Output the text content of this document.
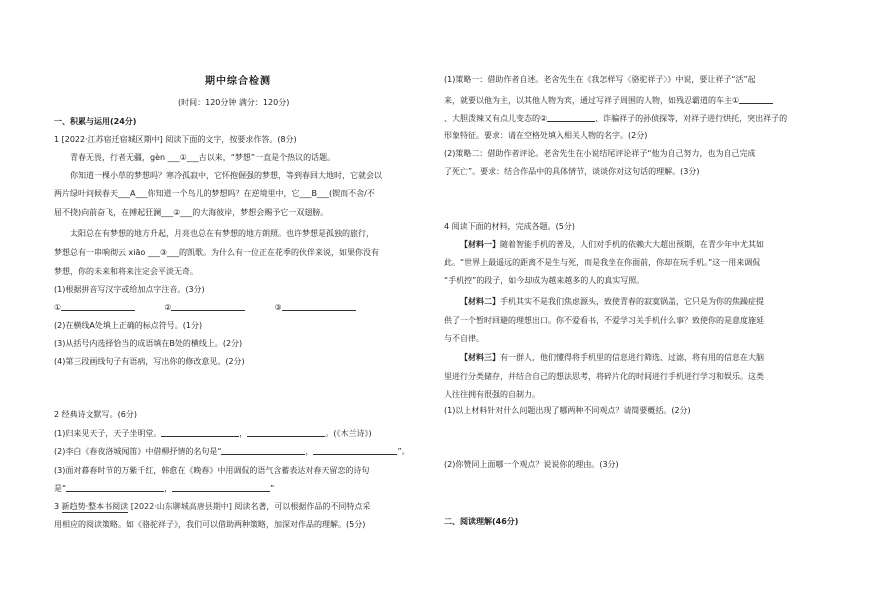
期中综合检测
(时间：120分钟 满分：120分)
一、积累与运用(24分)
1 [2022·江苏宿迁宿城区期中] 阅读下面的文字，按要求作答。(8分)
青春无畏，行者无疆，gèn ___①___古以来，“梦想”一直是个热议的话题。
你知道一棵小草的梦想吗？寒冷孤寂中，它怀抱倔强的梦想，等到春回大地时，它就会以
两片绿叶问候春天___A___你知道一个鸟儿的梦想吗？在逆境里中，它___B___(锲而不舍/不
屈不挠)向前奋飞，在搏起狂澜___②___的大海彼岸，梦想会赐予它一双翅膀。
太阳总在有梦想的地方升起，月亮也总在有梦想的地方朗照。也许梦想是孤独的旅行，
梦想总有一串响彻云 xiāo ___③___的凯歌。为什么有一位正在花季的伙伴来说，如果你没有
梦想，你的未来和将来注定会平淡无奇。
(1)根据拼音写汉字或给加点字注音。(3分)
①	②	③
(2)在横线A处填上正确的标点符号。(1分)
(3)从括号内选择恰当的成语填在B处的横线上。(2分)
(4)第三段画线句子有语病，写出你的修改意见。(2分)
2 经典诗文默写。(6分)
(1)归来见天子，天子坐明堂。	，	。(《木兰诗》)
(2)李白《春夜洛城闻笛》中借柳抒情的名句是“	，	”。
(3)面对暮春时节的万紫千红，韩愈在《晚春》中用调侃的语气含蓄表达对春天留恋的诗句
是“	，	”
3 新趋势·整本书阅读 [2022·山东聊城高唐县期中] 阅读名著，可以根据作品的不同特点采
用相应的阅读策略。如《骆驼祥子》，我们可以借助两种策略，加深对作品的理解。(5分)
(1)策略一：借助作者自述。老舍先生在《我怎样写〈骆驼祥子〉》中说，要让祥子“活”起
来，就要以他为主，以其他人物为宾，通过写祥子周围的人物，如残忍霸道的车主①
、大胆泼辣又有点儿变态的②	、诈骗祥子的孙侦探等，对祥子进行烘托，突出祥子的
形象特征。要求：请在空格处填入相关人物的名字。(2分)
(2)策略二：借助作者评论。老舍先生在小说结尾评论祥子“他为自己努力，也为自己完成
了死亡”。要求：结合作品中的具体情节，谈谈你对这句话的理解。(3分)
4 阅读下面的材料，完成各题。(5分)
【材料一】随着智能手机的普及，人们对手机的依赖大大超出预期，在青少年中尤其如
此。“世界上最遥远的距离不是生与死，而是我坐在你面前，你却在玩手机。”这一用来调侃
“手机控”的段子，如今却成为越来越多的人的真实写照。
【材料二】手机其实不是我们焦虑源头，致使青春的寂寞锅盖，它只是为你的焦躁症提
供了一个暂时回避的理想出口。你不爱看书，不爱学习关手机什么事？致使你的是意度施延
与不自律。
【材料三】有一群人，他们懂得将手机里的信息进行筛选、过滤，将有用的信息在大脑
里进行分类储存，并结合自己的想法思考，将碎片化的时间进行手机进行学习和娱乐。这类
人往往拥有很强的自制力。
(1)以上材料针对什么问题出现了哪两种不同观点？请简要概括。(2分)
(2)你赞同上面哪一个观点？说说你的理由。(3分)
二、阅读理解(46分)
